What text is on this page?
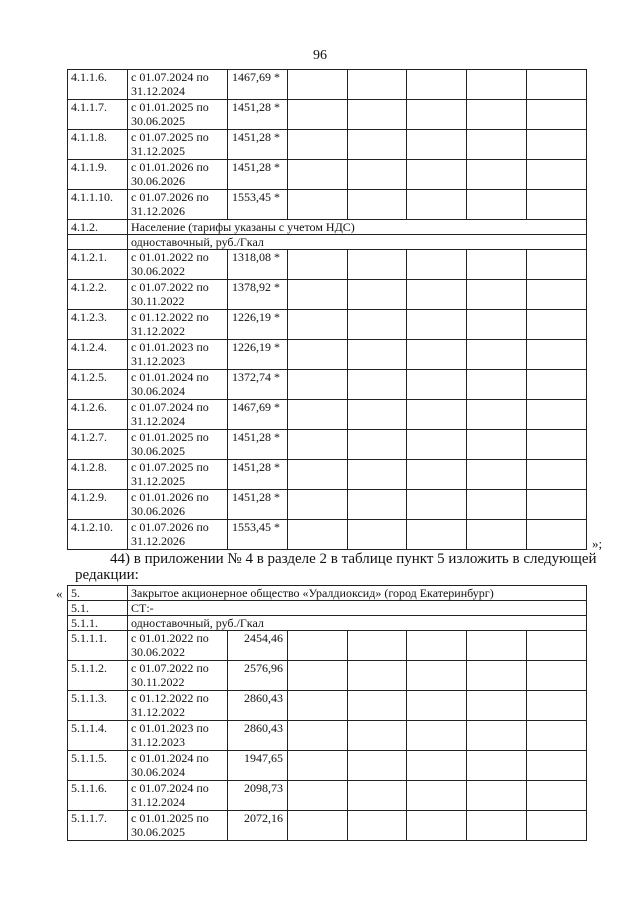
96
4.1.1.6.	с 01.07.2024 по
31.12.2024	1467,69 *					
4.1.1.7.	с 01.01.2025 по
30.06.2025	1451,28 *					
4.1.1.8.	с 01.07.2025 по
31.12.2025	1451,28 *					
4.1.1.9.	с 01.01.2026 по
30.06.2026	1451,28 *					
4.1.1.10.	с 01.07.2026 по
31.12.2026	1553,45 *					
4.1.2.	Население (тарифы указаны с учетом НДС)						
	одноставочный, руб./Гкал						
4.1.2.1.	с 01.01.2022 по
30.06.2022	1318,08 *					
4.1.2.2.	с 01.07.2022 по
30.11.2022	1378,92 *					
4.1.2.3.	с 01.12.2022 по
31.12.2022	1226,19 *					
4.1.2.4.	с 01.01.2023 по
31.12.2023	1226,19 *					
4.1.2.5.	с 01.01.2024 по
30.06.2024	1372,74 *					
4.1.2.6.	с 01.07.2024 по
31.12.2024	1467,69 *					
4.1.2.7.	с 01.01.2025 по
30.06.2025	1451,28 *					
4.1.2.8.	с 01.07.2025 по
31.12.2025	1451,28 *					
4.1.2.9.	с 01.01.2026 по
30.06.2026	1451,28 *					
4.1.2.10.	с 01.07.2026 по
31.12.2026	1553,45 *					
»;
44) в приложении № 4 в разделе 2 в таблице пункт 5 изложить в следующей
редакции:
« 5.	Закрытое акционерное общество «Уралдиоксид» (город Екатеринбург)						
5.1.	СТ:-						
5.1.1.	одноставочный, руб./Гкал						
5.1.1.1.	с 01.01.2022 по
30.06.2022	2454,46					
5.1.1.2.	с 01.07.2022 по
30.11.2022	2576,96					
5.1.1.3.	с 01.12.2022 по
31.12.2022	2860,43					
5.1.1.4.	с 01.01.2023 по
31.12.2023	2860,43					
5.1.1.5.	с 01.01.2024 по
30.06.2024	1947,65					
5.1.1.6.	с 01.07.2024 по
31.12.2024	2098,73					
5.1.1.7.	с 01.01.2025 по
30.06.2025	2072,16					
